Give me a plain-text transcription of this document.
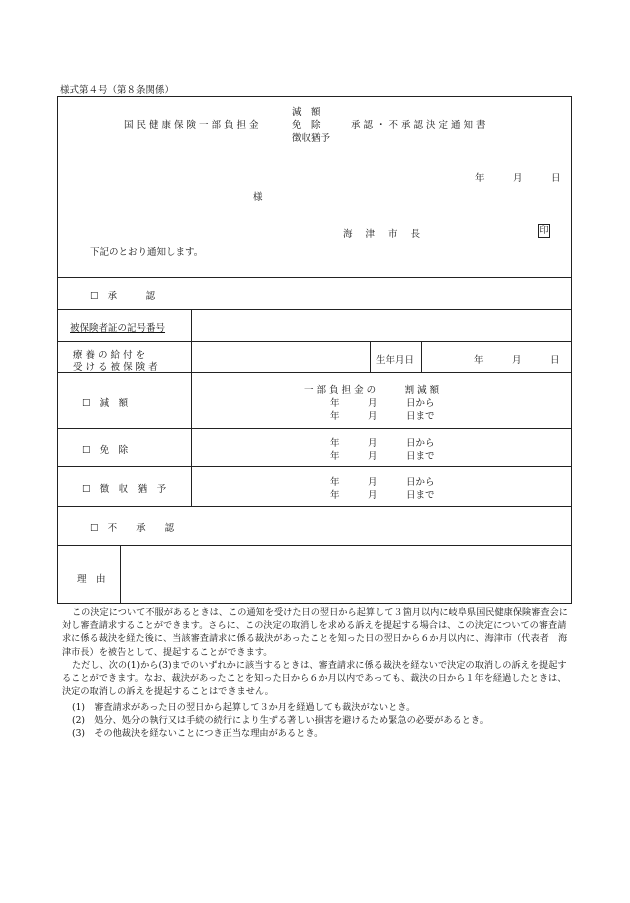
様式第４号（第８条関係）
減　額
国民健康保険一部負担金	免　除	承認・不承認決定通知書
徴収猶予
年　　　月　　　日
様
海 津 市 長	印
下記のとおり通知します。
☐ 承　　　認
被保険者証の記号番号
療 養 の 給 付 を
受 け る 被 保 険 者
生年月日	年　　　月　　　日
☐ 減　額
一 部 負 担 金 の　　　割 減 額
年　　　月　　　日から
年　　　月　　　日まで
☐ 免　除
年　　　月　　　日から
年　　　月　　　日まで
☐ 徴　収　猶　予
年　　　月　　　日から
年　　　月　　　日まで
☐ 不　　承　　認
理　由
この決定について不服があるときは、この通知を受けた日の翌日から起算して３箇月以内に岐阜県国民健康保険審査会に対し審査請求することができます。さらに、この決定の取消しを求める訴えを提起する場合は、この決定についての審査請求に係る裁決を経た後に、当該審査請求に係る裁決があったことを知った日の翌日から６か月以内に、海津市（代表者　海津市長）を被告として、提起することができます。
ただし、次の(1)から(3)までのいずれかに該当するときは、審査請求に係る裁決を経ないで決定の取消しの訴えを提起することができます。なお、裁決があったことを知った日から６か月以内であっても、裁決の日から１年を経過したときは、決定の取消しの訴えを提起することはできません。
(1)　審査請求があった日の翌日から起算して３か月を経過しても裁決がないとき。
(2)　処分、処分の執行又は手続の続行により生ずる著しい損害を避けるため緊急の必要があるとき。
(3)　その他裁決を経ないことにつき正当な理由があるとき。
